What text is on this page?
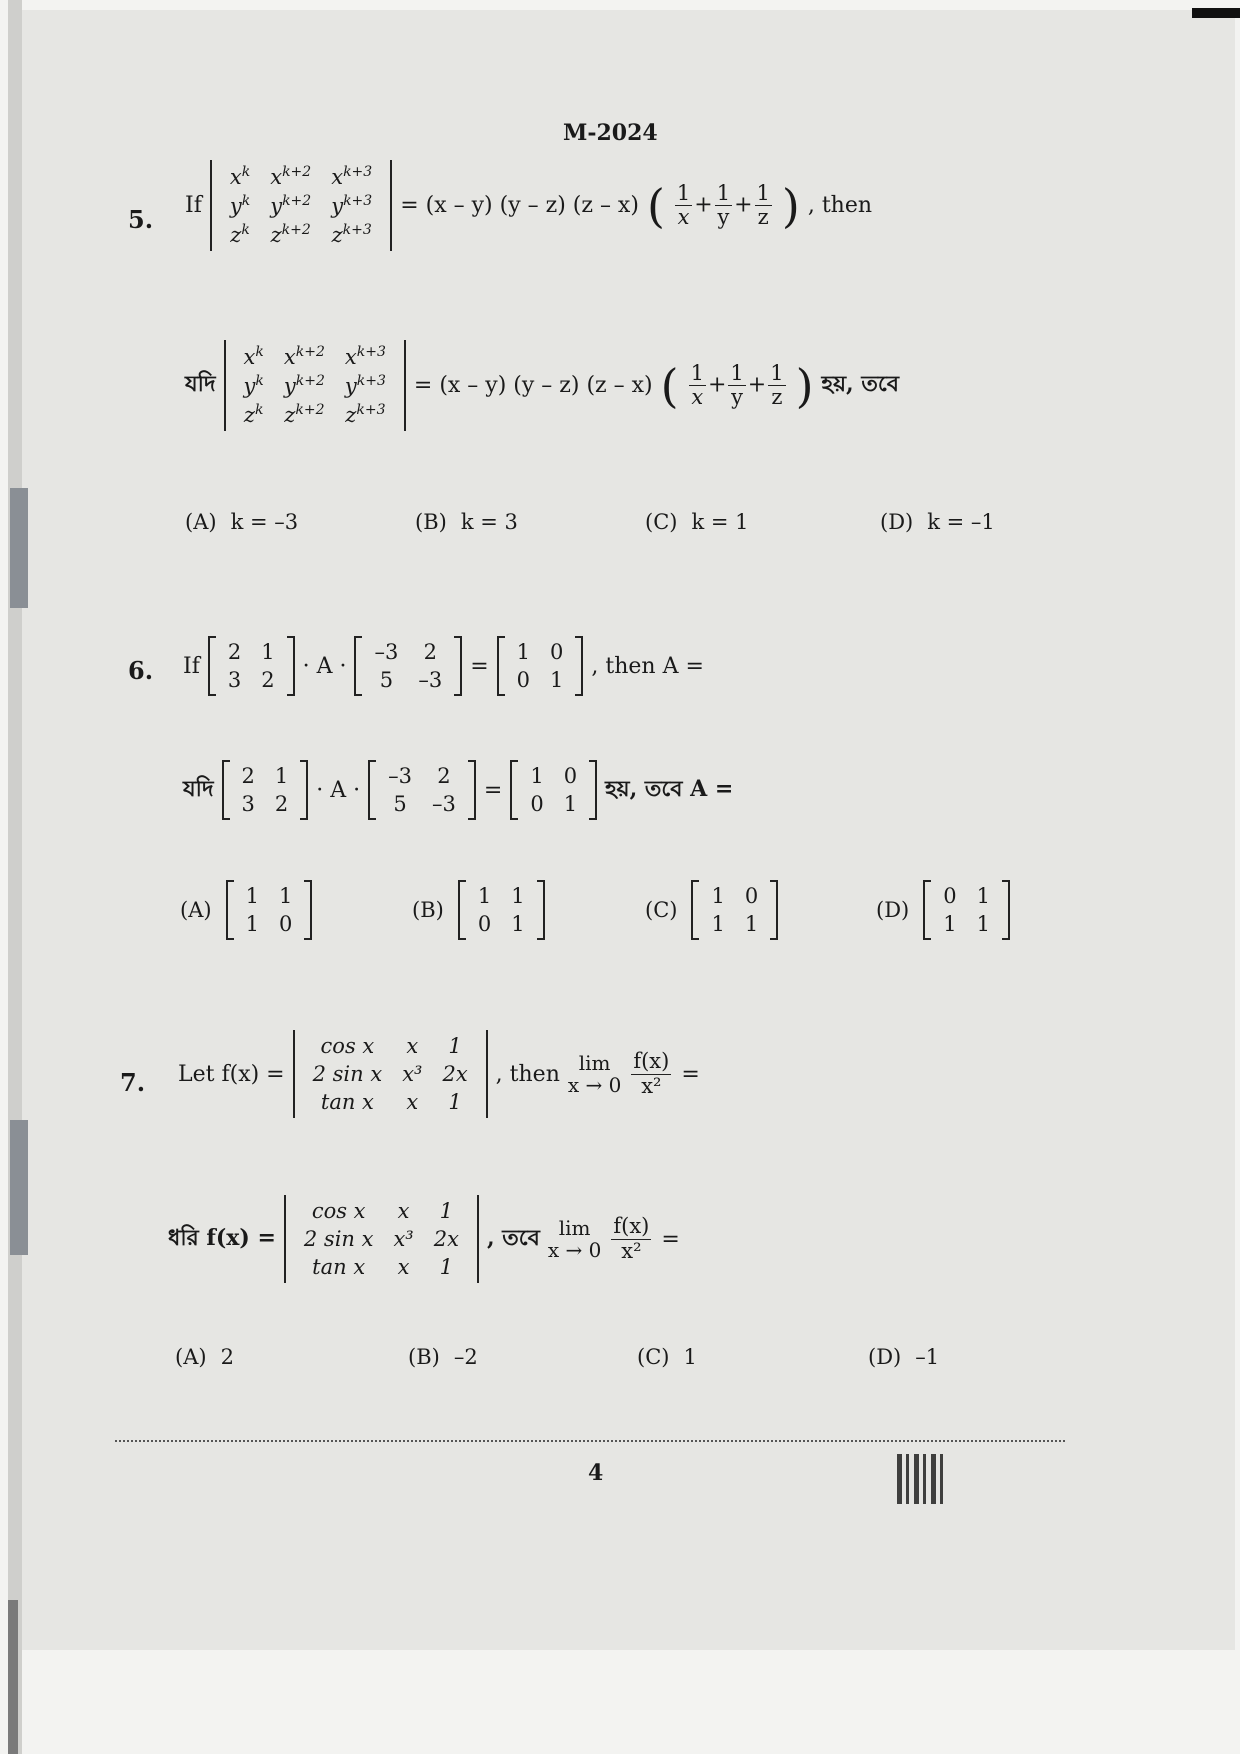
M-2024
5. If
$x^k$	$x^{k+2}$	$x^{k+3}$
$y^k$	$y^{k+2}$	$y^{k+3}$
$z^k$	$z^{k+2}$	$z^{k+3}$
= (x – y) (y – z) (z – x) ( $\frac{1}{x} + \frac{1}{y} + \frac{1}{z}$ ) , then
যদি
$x^k$	$x^{k+2}$	$x^{k+3}$
$y^k$	$y^{k+2}$	$y^{k+3}$
$z^k$	$z^{k+2}$	$z^{k+3}$
= (x – y) (y – z) (z – x) ( $\frac{1}{x} + \frac{1}{y} + \frac{1}{z}$ ) হয়, তবে
(A) k = –3	(B) k = 3	(C) k = 1	(D) k = –1
6. If
2	1
3	2
· A ·
–3	2
5	–3
=
1	0
0	1
, then A =
যদি 2	1
3	2
· A ·
–3	2
5	–3
=
1	0
0	1
হয়, তবে A =
(A)
1	1
1	0
(B)
1	1
0	1
(C)
1	0
1	1
(D)
0	1
1	1
7. Let f(x) =
cos x	x	1
2 sin x	x³	2x
tan x	x	1
, then lim
$x \to 0 \frac{f(x)}{\text{x²}}$ =
ধরি f(x) =
cos x	x	1
2 sin x	x³	2x
tan x	x	1
, তবে lim
$x \to 0 \frac{f(x)}{\text{x²}}$ =
(A) 2	(B) –2	(C) 1	(D) –1
4
